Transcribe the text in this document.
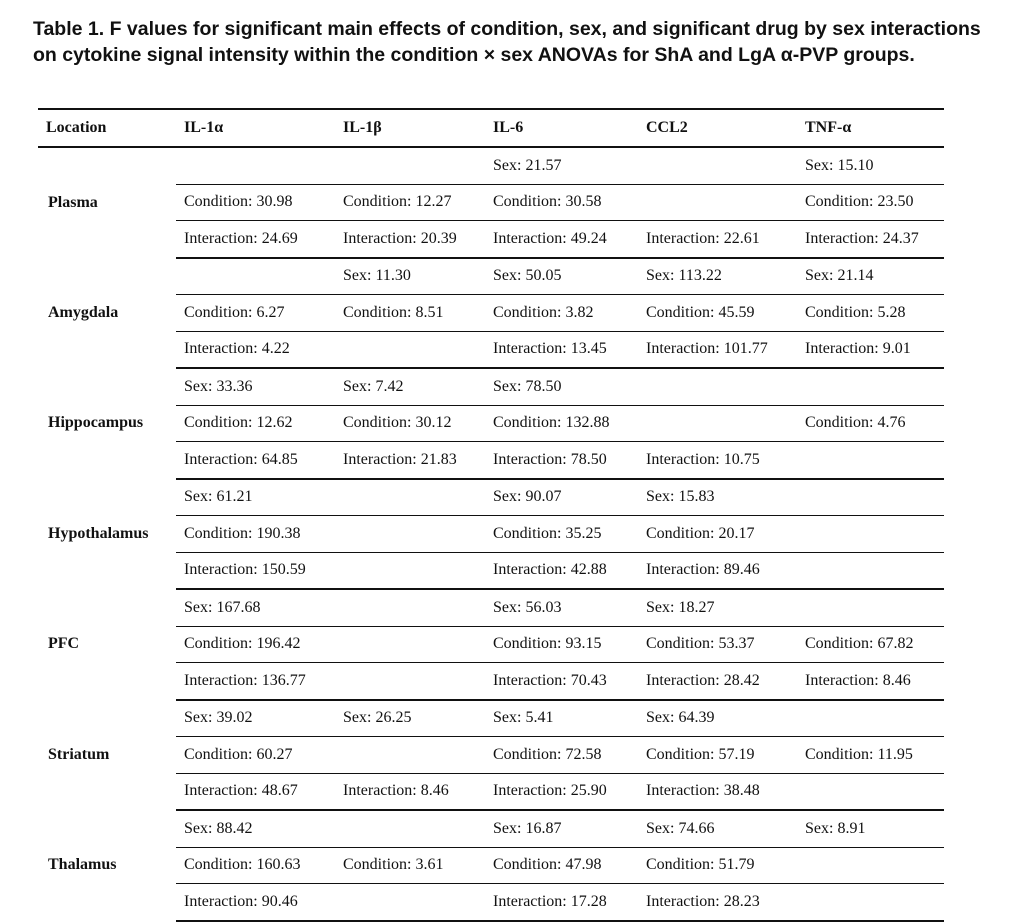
Table 1. F values for significant main effects of condition, sex, and significant drug by sex interactions on cytokine signal intensity within the condition × sex ANOVAs for ShA and LgA α-PVP groups.
Location	IL-1α	IL-1β	IL-6	CCL2	TNF-α
Plasma			Sex: 21.57		Sex: 15.10
	Condition: 30.98	Condition: 12.27	Condition: 30.58		Condition: 23.50
	Interaction: 24.69	Interaction: 20.39	Interaction: 49.24	Interaction: 22.61	Interaction: 24.37
Amygdala		Sex: 11.30	Sex: 50.05	Sex: 113.22	Sex: 21.14
	Condition: 6.27	Condition: 8.51	Condition: 3.82	Condition: 45.59	Condition: 5.28
	Interaction: 4.22		Interaction: 13.45	Interaction: 101.77	Interaction: 9.01
Hippocampus	Sex: 33.36	Sex: 7.42	Sex: 78.50		
	Condition: 12.62	Condition: 30.12	Condition: 132.88		Condition: 4.76
	Interaction: 64.85	Interaction: 21.83	Interaction: 78.50	Interaction: 10.75	
Hypothalamus	Sex: 61.21		Sex: 90.07	Sex: 15.83	
	Condition: 190.38		Condition: 35.25	Condition: 20.17	
	Interaction: 150.59		Interaction: 42.88	Interaction: 89.46	
PFC	Sex: 167.68		Sex: 56.03	Sex: 18.27	
	Condition: 196.42		Condition: 93.15	Condition: 53.37	Condition: 67.82
	Interaction: 136.77		Interaction: 70.43	Interaction: 28.42	Interaction: 8.46
Striatum	Sex: 39.02	Sex: 26.25	Sex: 5.41	Sex: 64.39	
	Condition: 60.27		Condition: 72.58	Condition: 57.19	Condition: 11.95
	Interaction: 48.67	Interaction: 8.46	Interaction: 25.90	Interaction: 38.48	
Thalamus	Sex: 88.42		Sex: 16.87	Sex: 74.66	Sex: 8.91
	Condition: 160.63	Condition: 3.61	Condition: 47.98	Condition: 51.79	
	Interaction: 90.46		Interaction: 17.28	Interaction: 28.23	
